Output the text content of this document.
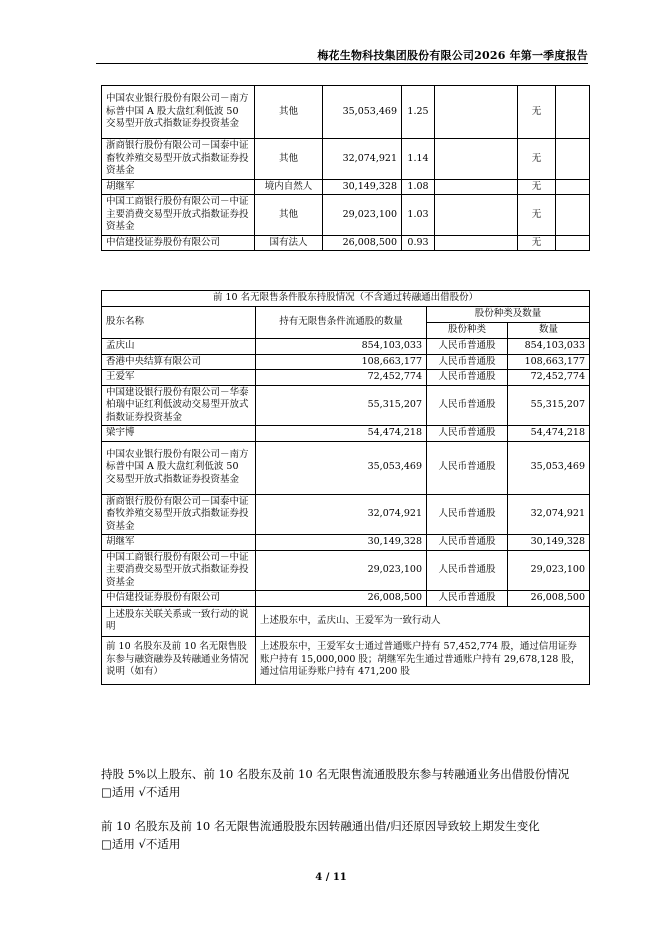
梅花生物科技集团股份有限公司2026 年第一季度报告
中国农业银行股份有限公司－南方标普中国 A 股大盘红利低波 50 交易型开放式指数证券投资基金	其他	35,053,469	1.25		无	
浙商银行股份有限公司－国泰中证畜牧养殖交易型开放式指数证券投资基金	其他	32,074,921	1.14		无	
胡继军	境内自然人	30,149,328	1.08		无	
中国工商银行股份有限公司－中证主要消费交易型开放式指数证券投资基金	其他	29,023,100	1.03		无	
中信建投证券股份有限公司	国有法人	26,008,500	0.93		无	
前 10 名无限售条件股东持股情况（不含通过转融通出借股份）			
股东名称	持有无限售条件流通股的数量	股份种类及数量	
		股份种类	数量
孟庆山	854,103,033	人民币普通股	854,103,033
香港中央结算有限公司	108,663,177	人民币普通股	108,663,177
王爱军	72,452,774	人民币普通股	72,452,774
中国建设银行股份有限公司－华泰柏瑞中证红利低波动交易型开放式指数证券投资基金	55,315,207	人民币普通股	55,315,207
梁宇博	54,474,218	人民币普通股	54,474,218
中国农业银行股份有限公司－南方标普中国 A 股大盘红利低波 50 交易型开放式指数证券投资基金	35,053,469	人民币普通股	35,053,469
浙商银行股份有限公司－国泰中证畜牧养殖交易型开放式指数证券投资基金	32,074,921	人民币普通股	32,074,921
胡继军	30,149,328	人民币普通股	30,149,328
中国工商银行股份有限公司－中证主要消费交易型开放式指数证券投资基金	29,023,100	人民币普通股	29,023,100
中信建投证券股份有限公司	26,008,500	人民币普通股	26,008,500
上述股东关联关系或一致行动的说明	上述股东中，孟庆山、王爱军为一致行动人		
前 10 名股东及前 10 名无限售股东参与融资融券及转融通业务情况说明（如有）	上述股东中，王爱军女士通过普通账户持有 57,452,774 股，通过信用证券账户持有 15,000,000 股；胡继军先生通过普通账户持有 29,678,128 股，通过信用证券账户持有 471,200 股		
持股 5%以上股东、前 10 名股东及前 10 名无限售流通股股东参与转融通业务出借股份情况
□适用 √不适用
前 10 名股东及前 10 名无限售流通股股东因转融通出借/归还原因导致较上期发生变化
□适用 √不适用
4 / 11
